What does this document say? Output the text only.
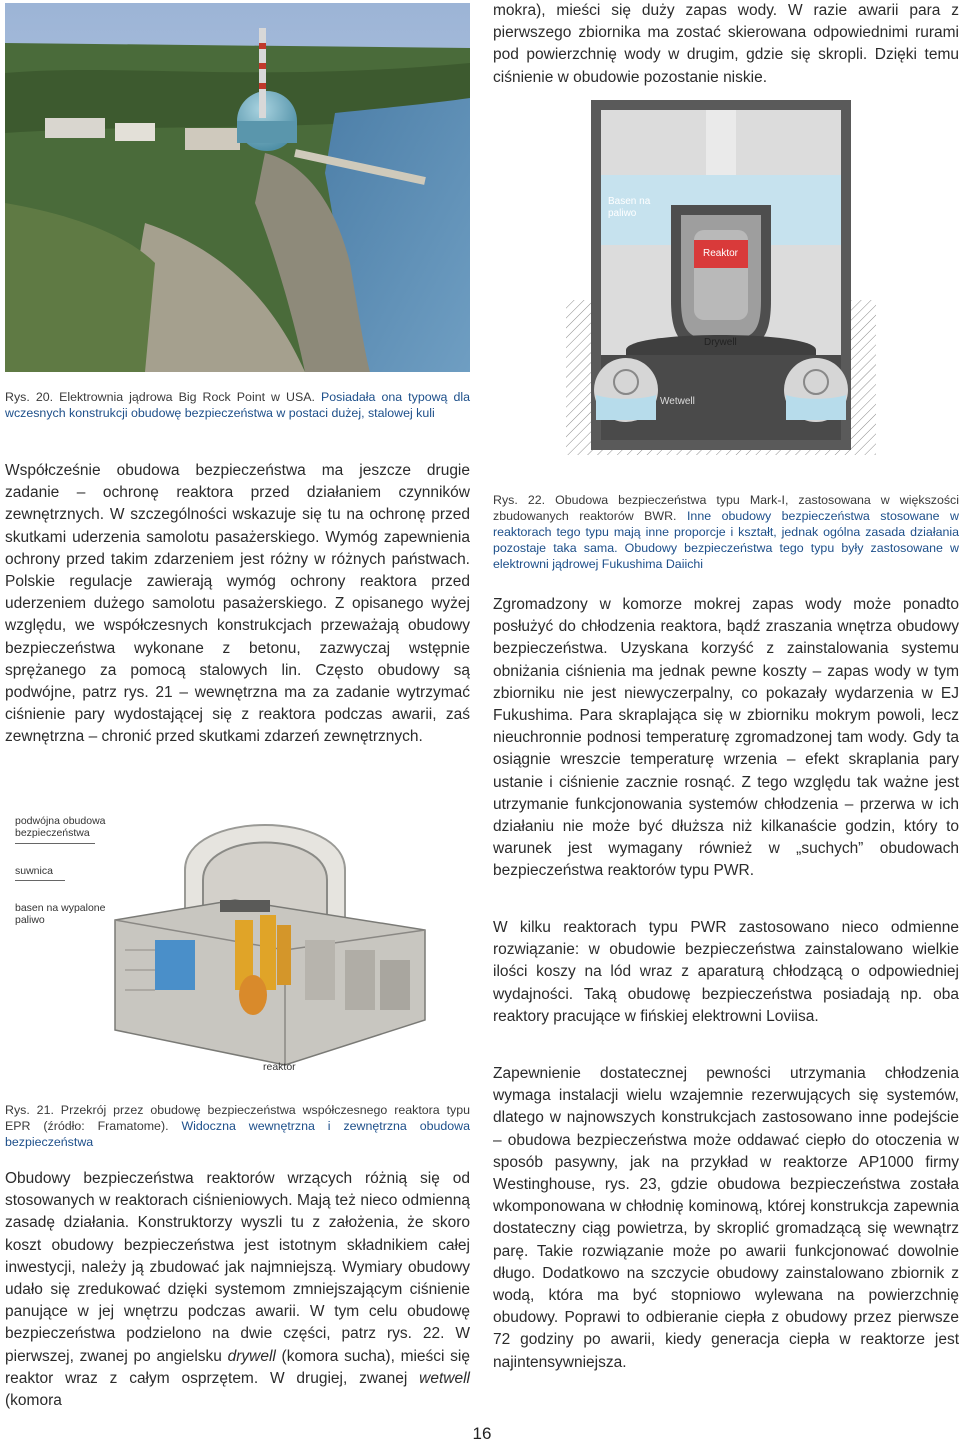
Rys. 20. Elektrownia jądrowa Big Rock Point w USA. Posiadała ona typową dla wczesnych konstrukcji obudowę bezpieczeństwa w postaci dużej, stalowej kuli

Współcześnie obudowa bezpieczeństwa ma jeszcze drugie zadanie – ochronę reaktora przed działaniem czynników zewnętrznych. W szczególności wskazuje się tu na ochronę przed skutkami uderzenia samolotu pasażerskiego. Wymóg zapewnienia ochrony przed takim zdarzeniem jest różny w różnych państwach. Polskie regulacje zawierają wymóg ochrony reaktora przed uderzeniem dużego samolotu pasażerskiego. Z opisanego wyżej względu, we współczesnych konstrukcjach przeważają obudowy bezpieczeństwa wykonane z betonu, zazwyczaj wstępnie sprężanego za pomocą stalowych lin. Często obudowy są podwójne, patrz rys. 21 – wewnętrzna ma za zadanie wytrzymać ciśnienie pary wydostającej się z reaktora podczas awarii, zaś zewnętrzna – chronić przed skutkami zdarzeń zewnętrznych.

podwójna obudowa bezpieczeństwa
suwnica
basen na wypalone paliwo
reaktor
Rys. 21. Przekrój przez obudowę bezpieczeństwa współczesnego reaktora typu EPR (źródło: Framatome). Widoczna wewnętrzna i zewnętrzna obudowa bezpieczeństwa

Obudowy bezpieczeństwa reaktorów wrzących różnią się od stosowanych w reaktorach ciśnieniowych. Mają też nieco odmienną zasadę działania. Konstruktorzy wyszli tu z założenia, że skoro koszt obudowy bezpieczeństwa jest istotnym składnikiem całej inwestycji, należy ją zbudować jak najmniejszą. Wymiary obudowy udało się zredukować dzięki systemom zmniejszającym ciśnienie panujące w jej wnętrzu podczas awarii. W tym celu obudowę bezpieczeństwa podzielono na dwie części, patrz rys. 22. W pierwszej, zwanej po angielsku drywell (komora sucha), mieści się reaktor wraz z całym osprzętem. W drugiej, zwanej wetwell (komora

mokra), mieści się duży zapas wody. W razie awarii para z pierwszego zbiornika ma zostać skierowana odpowiednimi rurami pod powierzchnię wody w drugim, gdzie się skropli. Dzięki temu ciśnienie w obudowie pozostanie niskie.

Basen na paliwo
Reaktor
Drywell
Wetwell
Rys. 22. Obudowa bezpieczeństwa typu Mark-I, zastosowana w większości zbudowanych reaktorów BWR. Inne obudowy bezpieczeństwa stosowane w reaktorach tego typu mają inne proporcje i kształt, jednak ogólna zasada działania pozostaje taka sama. Obudowy bezpieczeństwa tego typu były zastosowane w elektrowni jądrowej Fukushima Daiichi

Zgromadzony w komorze mokrej zapas wody może ponadto posłużyć do chłodzenia reaktora, bądź zraszania wnętrza obudowy bezpieczeństwa. Uzyskana korzyść z zainstalowania systemu obniżania ciśnienia ma jednak pewne koszty – zapas wody w tym zbiorniku nie jest niewyczerpalny, co pokazały wydarzenia w EJ Fukushima. Para skraplająca się w zbiorniku mokrym powoli, lecz nieuchronnie podnosi temperaturę zgromadzonej tam wody. Gdy ta osiągnie wreszcie temperaturę wrzenia – efekt skraplania pary ustanie i ciśnienie zacznie rosnąć. Z tego względu tak ważne jest utrzymanie funkcjonowania systemów chłodzenia – przerwa w ich działaniu nie może być dłuższa niż kilkanaście godzin, który to warunek jest wymagany również w „suchych” obudowach bezpieczeństwa reaktorów typu PWR.

W kilku reaktorach typu PWR zastosowano nieco odmienne rozwiązanie: w obudowie bezpieczeństwa zainstalowano wielkie ilości koszy na lód wraz z aparaturą chłodzącą o odpowiedniej wydajności. Taką obudowę bezpieczeństwa posiadają np. oba reaktory pracujące w fińskiej elektrowni Loviisa.

Zapewnienie dostatecznej pewności utrzymania chłodzenia wymaga instalacji wielu wzajemnie rezerwujących się systemów, dlatego w najnowszych konstrukcjach zastosowano inne podejście – obudowa bezpieczeństwa może oddawać ciepło do otoczenia w sposób pasywny, jak na przykład w reaktorze AP1000 firmy Westinghouse, rys. 23, gdzie obudowa bezpieczeństwa została wkomponowana w chłodnię kominową, której konstrukcja zapewnia dostateczny ciąg powietrza, by skroplić gromadzącą się wewnątrz parę. Takie rozwiązanie może po awarii funkcjonować dowolnie długo. Dodatkowo na szczycie obudowy zainstalowano zbiornik z wodą, która ma być stopniowo wylewana na powierzchnię obudowy. Poprawi to odbieranie ciepła z obudowy przez pierwsze 72 godziny po awarii, kiedy generacja ciepła w reaktorze jest najintensywniejsza.

16
